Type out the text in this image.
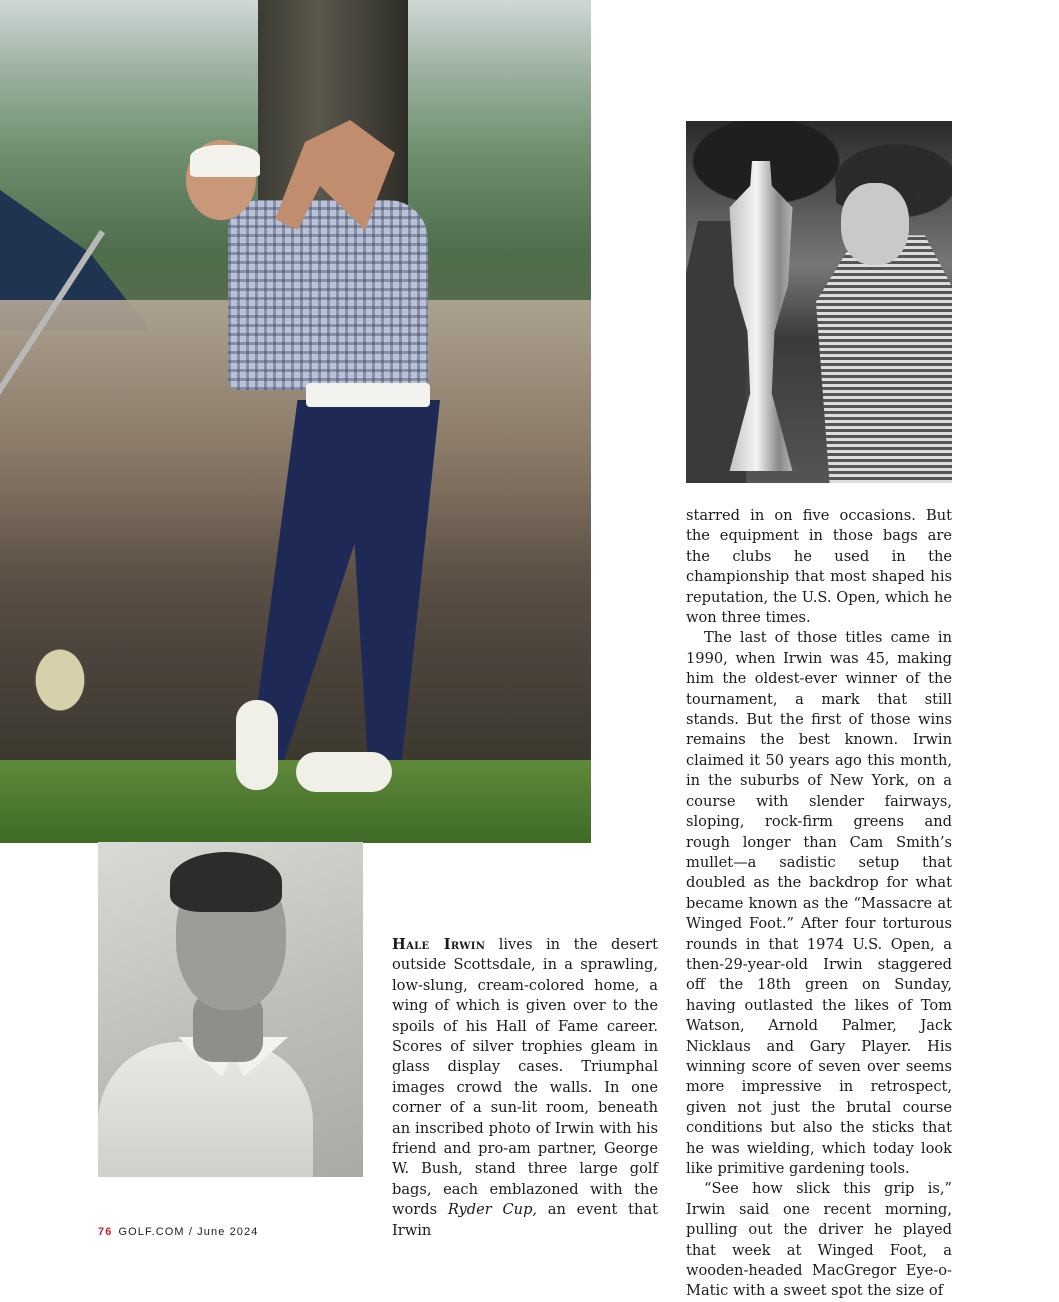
Hale Irwin lives in the desert outside Scottsdale, in a sprawling, low-slung, cream-colored home, a wing of which is given over to the spoils of his Hall of Fame career. Scores of silver trophies gleam in glass display cases. Triumphal images crowd the walls. In one corner of a sun-lit room, beneath an inscribed photo of Irwin with his friend and pro-am partner, George W. Bush, stand three large golf bags, each emblazoned with the words Ryder Cup, an event that Irwin

starred in on five occasions. But the equipment in those bags are the clubs he used in the championship that most shaped his reputation, the U.S. Open, which he won three times.

The last of those titles came in 1990, when Irwin was 45, making him the oldest-ever winner of the tournament, a mark that still stands. But the first of those wins remains the best known. Irwin claimed it 50 years ago this month, in the suburbs of New York, on a course with slender fairways, sloping, rock-firm greens and rough longer than Cam Smith’s mullet—a sadistic setup that doubled as the backdrop for what became known as the “Massacre at Winged Foot.” After four torturous rounds in that 1974 U.S. Open, a then-29-year-old Irwin staggered off the 18th green on Sunday, having outlasted the likes of Tom Watson, Arnold Palmer, Jack Nicklaus and Gary Player. His winning score of seven over seems more impressive in retrospect, given not just the brutal course conditions but also the sticks that he was wielding, which today look like primitive gardening tools.

“See how slick this grip is,” Irwin said one recent morning, pulling out the driver he played that week at Winged Foot, a wooden-headed MacGregor Eye-o-Matic with a sweet spot the size of

76 GOLF.COM / June 2024
